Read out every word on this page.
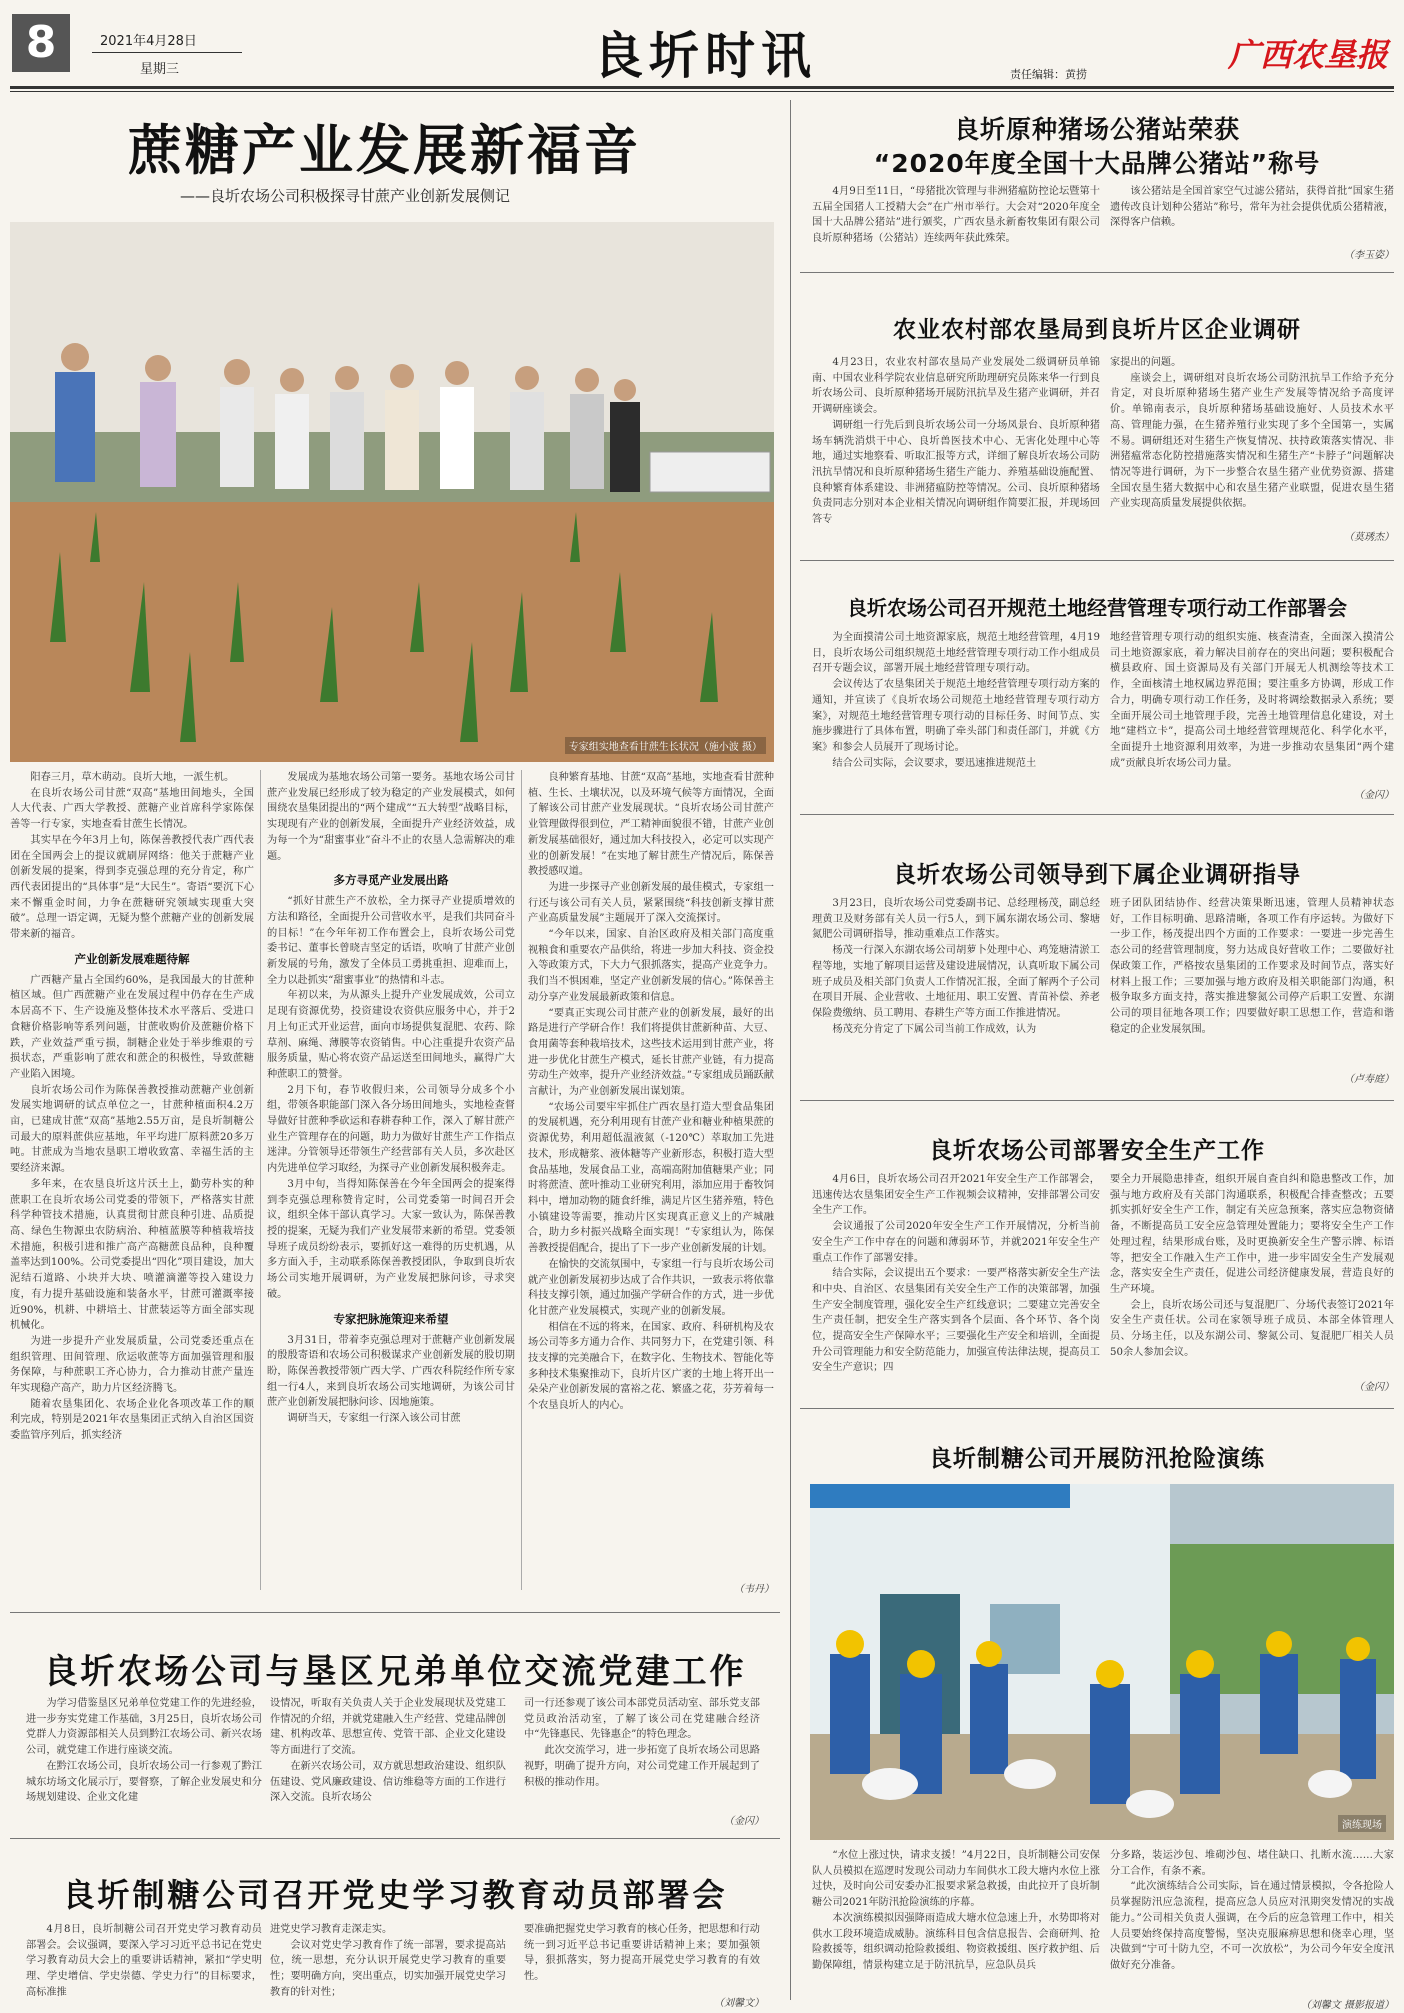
8	2021年4月28日
星期三	良圻时讯	责任编辑：黄捞
广西农垦报
蔗糖产业发展新福音
——良圻农场公司积极探寻甘蔗产业创新发展侧记
专家组实地查看甘蔗生长状况（施小波 摄）

阳春三月，草木萌动。良圻大地，一派生机。

在良圻农场公司甘蔗“双高”基地田间地头，全国人大代表、广西大学教授、蔗糖产业首席科学家陈保善等一行专家，实地查看甘蔗生长情况。

其实早在今年3月上旬，陈保善教授代表广西代表团在全国两会上的提议就刷屏网络：他关于蔗糖产业创新发展的提案，得到李克强总理的充分肯定，称广西代表团提出的“具体事”是“大民生”。寄语“要沉下心来不懈重金时间，力争在蔗糖研究领域实现重大突破”。总理一语定调，无疑为整个蔗糖产业的创新发展带来新的福音。

产业创新发展难题待解

广西糖产量占全国约60%，是我国最大的甘蔗种植区域。但广西蔗糖产业在发展过程中仍存在生产成本居高不下、生产设施及整体技术水平落后、受进口食糖价格影响等系列问题，甘蔗收购价及蔗糖价格下跌，产业效益严重亏损，制糖企业处于举步维艰的亏损状态，严重影响了蔗农和蔗企的积极性，导致蔗糖产业陷入困境。

良圻农场公司作为陈保善教授推动蔗糖产业创新发展实地调研的试点单位之一，甘蔗种植面积4.2万亩，已建成甘蔗“双高”基地2.55万亩，是良圻制糖公司最大的原料蔗供应基地，年平均进厂原料蔗20多万吨。甘蔗成为当地农垦职工增收致富、幸福生活的主要经济来源。

多年来，在农垦良圻这片沃土上，勤劳朴实的种蔗职工在良圻农场公司党委的带领下，严格落实甘蔗科学种管技术措施，认真贯彻甘蔗良种引进、品质提高、绿色生物源虫农防病治、种植蓝膜等种植栽培技术措施，积极引进和推广高产高糖蔗良品种，良种覆盖率达到100%。公司党委提出“四化”项目建设，加大泥结石道路、小块并大块、喷灌滴灌等投入建设力度，有力提升基础设施和装备水平，甘蔗可灌溉率接近90%，机耕、中耕培土、甘蔗装运等方面全部实现机械化。

为进一步提升产业发展质量，公司党委还重点在组织管理、田间管理、欣运收蔗等方面加强管理和服务保障，与种蔗职工齐心协力，合力推动甘蔗产量连年实现稳产高产，助力片区经济腾飞。

随着农垦集团化、农场企业化各项改革工作的顺利完成，特别是2021年农垦集团正式纳入自治区国资委监管序列后，抓实经济

发展成为基地农场公司第一要务。基地农场公司甘蔗产业发展已经形成了较为稳定的产业发展模式，如何围绕农垦集团提出的“两个建成”“五大转型”战略目标，实现现有产业的创新发展，全面提升产业经济效益，成为每一个为“甜蜜事业”奋斗不止的农垦人急需解决的难题。

多方寻觅产业发展出路

“抓好甘蔗生产不放松，全力探寻产业提质增效的方法和路径，全面提升公司营收水平，是我们共同奋斗的目标！”在今年年初工作布置会上，良圻农场公司党委书记、董事长曾晓吉坚定的话语，吹响了甘蔗产业创新发展的号角，激发了全体员工勇挑重担、迎难而上，全力以赴抓实“甜蜜事业”的热情和斗志。

年初以来，为从源头上提升产业发展成效，公司立足现有资源优势，投资建设农资供应服务中心，并于2月上旬正式开业运营，面向市场提供复混肥、农药、除草剂、麻绳、薄膜等农资销售。中心注重提升农资产品服务质量，贴心将农资产品运送至田间地头，赢得广大种蔗职工的赞誉。

2月下旬，春节收假归来，公司领导分成多个小组，带领各职能部门深入各分场田间地头，实地检查督导做好甘蔗种季砍运和春耕春种工作，深入了解甘蔗产业生产管理存在的问题，助力为做好甘蔗生产工作指点迷津。分管领导还带领生产经营部有关人员，多次赴区内先进单位学习取经，为探寻产业创新发展积极奔走。

3月中旬，当得知陈保善在今年全国两会的提案得到李克强总理称赞肯定时，公司党委第一时间召开会议，组织全体干部认真学习。大家一致认为，陈保善教授的提案，无疑为我们产业发展带来新的希望。党委领导班子成员纷纷表示，要抓好这一难得的历史机遇，从多方面入手，主动联系陈保善教授团队，争取到良圻农场公司实地开展调研，为产业发展把脉问诊，寻求突破。

专家把脉施策迎来希望

3月31日，带着李克强总理对于蔗糖产业创新发展的殷殷寄语和农场公司积极谋求产业创新发展的股切期盼，陈保善教授带领广西大学、广西农科院经作所专家组一行4人，来到良圻农场公司实地调研，为该公司甘蔗产业创新发展把脉问诊、因地施策。

调研当天，专家组一行深入该公司甘蔗

良种繁育基地、甘蔗“双高”基地，实地查看甘蔗种植、生长、土壤状况，以及环境气候等方面情况，全面了解该公司甘蔗产业发展现状。“良圻农场公司甘蔗产业管理做得很到位，严工精神面貌很不错，甘蔗产业创新发展基础很好，通过加大科技投入，必定可以实现产业的创新发展！”在实地了解甘蔗生产情况后，陈保善教授感叹道。

为进一步探寻产业创新发展的最佳模式，专家组一行还与该公司有关人员，紧紧围绕“科技创新支撑甘蔗产业高质量发展”主题展开了深入交流探讨。

“今年以来，国家、自治区政府及相关部门高度重视粮食和重要农产品供给，将进一步加大科技、资金投入等政策方式，下大力气狠抓落实，提高产业竞争力。我们当不惧困难，坚定产业创新发展的信心。”陈保善主动分享产业发展最新政策和信息。

“要真正实现公司甘蔗产业的创新发展，最好的出路是进行产学研合作！我们将提供甘蔗新种苗、大豆、食用菌等套种栽培技术，这些技术运用到甘蔗产业，将进一步优化甘蔗生产模式，延长甘蔗产业链，有力提高劳动生产效率，提升产业经济效益。”专家组成员踊跃献言献计，为产业创新发展出谋划策。

“农场公司要牢牢抓住广西农垦打造大型食品集团的发展机遇，充分利用现有甘蔗产业和糖业种植果蔗的资源优势，利用超低温液氮（-120℃）萃取加工先进技术，形成糖浆、液体糖等产业新形态，积极打造大型食品基地，发展食品工业，高端高附加值糖果产业；同时将蔗渣、蔗叶推动工业研究利用，添加应用于畜牧饲料中，增加动物的随食纤维，满足片区生猪养殖，特色小镇建设等需要，推动片区实现真正意义上的产城融合，助力乡村振兴战略全面实现！”专家组认为，陈保善教授提倡配合，提出了下一步产业创新发展的计划。

在愉快的交流氛围中，专家组一行与良圻农场公司就产业创新发展初步达成了合作共识，一致表示将依靠科技支撑引领，通过加强产学研合作的方式，进一步优化甘蔗产业发展模式，实现产业的创新发展。

相信在不远的将来，在国家、政府、科研机构及农场公司等多方通力合作、共同努力下，在党建引领、科技支撑的完美融合下，在数字化、生物技术、智能化等多种技术集聚推动下，良圻片区广袤的土地上将开出一朵朵产业创新发展的富裕之花、繁盛之花，芬芳着每一个农垦良圻人的内心。

（韦丹）
良圻原种猪场公猪站荣获
“2020年度全国十大品牌公猪站”称号

4月9日至11日，“母猪批次管理与非洲猪瘟防控论坛暨第十五届全国猪人工授精大会”在广州市举行。大会对“2020年度全国十大品牌公猪站”进行颁奖，广西农垦永新畜牧集团有限公司良圻原种猪场（公猪站）连续两年获此殊荣。

该公猪站是全国首家空气过滤公猪站，获得首批“国家生猪遗传改良计划种公猪站”称号，常年为社会提供优质公猪精液，深得客户信赖。

（李玉姿）
农业农村部农垦局到良圻片区企业调研

4月23日，农业农村部农垦局产业发展处二级调研员单锦南、中国农业科学院农业信息研究所助理研究员陈来华一行到良圻农场公司、良圻原种猪场开展防汛抗旱及生猪产业调研，并召开调研座谈会。

调研组一行先后到良圻农场公司一分场凤景台、良圻原种猪场车辆洗消烘干中心、良圻兽医技术中心、无害化处理中心等地，通过实地察看、听取汇报等方式，详细了解良圻农场公司防汛抗旱情况和良圻原种猪场生猪生产能力、养殖基础设施配置、良种繁育体系建设、非洲猪瘟防控等情况。公司、良圻原种猪场负责同志分别对本企业相关情况向调研组作简要汇报，并现场回答专

家提出的问题。

座谈会上，调研组对良圻农场公司防汛抗旱工作给予充分肯定，对良圻原种猪场生猪产业生产发展等情况给予高度评价。单锦南表示，良圻原种猪场基础设施好、人员技术水平高、管理能力强，在生猪养殖行业实现了多个全国第一，实属不易。调研组还对生猪生产恢复情况、扶持政策落实情况、非洲猪瘟常态化防控措施落实情况和生猪生产“卡脖子”问题解决情况等进行调研，为下一步整合农垦生猪产业优势资源、搭建全国农垦生猪大数据中心和农垦生猪产业联盟，促进农垦生猪产业实现高质量发展提供依据。

（莫琇杰）
良圻农场公司召开规范土地经营管理专项行动工作部署会

为全面摸清公司土地资源家底，规范土地经营管理，4月19日，良圻农场公司组织规范土地经营管理专项行动工作小组成员召开专题会议，部署开展土地经营管理专项行动。

会议传达了农垦集团关于规范土地经营管理专项行动方案的通知，并宣读了《良圻农场公司规范土地经营管理专项行动方案》，对规范土地经营管理专项行动的目标任务、时间节点、实施步骤进行了具体布置，明确了牵头部门和责任部门，并就《方案》和参会人员展开了现场讨论。

结合公司实际，会议要求，要迅速推进规范土

地经营管理专项行动的组织实施、核查清查，全面深入摸清公司土地资源家底，着力解决目前存在的突出问题；要积极配合横县政府、国土资源局及有关部门开展无人机测绘等技术工作，全面核清土地权属边界范围；要注重多方协调，形成工作合力，明确专项行动工作任务，及时将调绘数据录入系统；要全面开展公司土地管理手段，完善土地管理信息化建设，对土地“建档立卡”，提高公司土地经营管理规范化、科学化水平，全面提升土地资源利用效率，为进一步推动农垦集团“两个建成”贡献良圻农场公司力量。

（金闪）
良圻农场公司领导到下属企业调研指导

3月23日，良圻农场公司党委副书记、总经理杨茂，副总经理黄卫及财务部有关人员一行5人，到下属东湖农场公司、黎塘氮肥公司调研指导，推动重难点工作落实。

杨茂一行深入东湖农场公司胡萝卜处理中心、鸡笼塘清淤工程等地，实地了解项目运营及建设进展情况，认真听取下属公司班子成员及相关部门负责人工作情况汇报，全面了解两个子公司在项目开展、企业营收、土地征用、职工安置、青苗补偿、养老保险费缴纳、员工聘用、春耕生产等方面工作推进情况。

杨茂充分肯定了下属公司当前工作成效，认为

班子团队团结协作、经营决策果断迅速，管理人员精神状态好，工作目标明确、思路清晰，各项工作有序运转。为做好下一步工作，杨茂提出四个方面的工作要求：一要进一步完善生态公司的经营管理制度，努力达成良好营收工作；二要做好社保政策工作，严格按农垦集团的工作要求及时间节点，落实好材料上报工作；三要加强与地方政府及相关职能部门沟通，积极争取多方面支持，落实推进黎氮公司停产后职工安置、东湖公司的项目征地各项工作；四要做好职工思想工作，营造和谐稳定的企业发展氛围。

（卢寿庭）
良圻农场公司部署安全生产工作

4月6日，良圻农场公司召开2021年安全生产工作部署会，迅速传达农垦集团安全生产工作视频会议精神，安排部署公司安全生产工作。

会议通报了公司2020年安全生产工作开展情况，分析当前安全生产工作中存在的问题和薄弱环节，并就2021年安全生产重点工作作了部署安排。

结合实际，会议提出五个要求：一要严格落实新安全生产法和中央、自治区、农垦集团有关安全生产工作的决策部署，加强生产安全制度管理，强化安全生产红线意识；二要建立完善安全生产责任制，把安全生产落实到各个层面、各个环节、各个岗位，提高安全生产保障水平；三要强化生产安全和培训，全面提升公司管理能力和安全防范能力，加强宣传法律法规，提高员工安全生产意识；四

要全力开展隐患排查，组织开展自查自纠和隐患整改工作，加强与地方政府及有关部门沟通联系，积极配合排查整改；五要抓实抓好安全生产工作，制定有关应急预案，落实应急物资储备，不断提高员工安全应急管理处置能力；要将安全生产工作处理过程，结果形成台账，及时更换新安全生产警示牌、标语等，把安全工作融入生产工作中，进一步牢固安全生产发展观念，落实安全生产责任，促进公司经济健康发展，营造良好的生产环境。

会上，良圻农场公司还与复混肥厂、分场代表签订2021年安全生产责任状。公司在家领导班子成员、本部全体管理人员、分场主任，以及东湖公司、黎氮公司、复混肥厂相关人员50余人参加会议。

（金闪）
良圻制糖公司开展防汛抢险演练
演练现场

“水位上涨过快，请求支援！”4月22日，良圻制糖公司安保队人员模拟在巡逻时发现公司动力车间供水工段大塘内水位上涨过快，及时向公司安委办汇报要求紧急救援，由此拉开了良圻制糖公司2021年防汛抢险演练的序幕。

本次演练模拟因强降雨造成大塘水位急速上升，水势即将对供水工段环境造成威胁。演练科目包含信息报告、会商研判、抢险救援等，组织调动抢险救援组、物资救援组、医疗救护组、后勤保障组，情景构建立足于防汛抗旱，应急队员兵

分多路，装运沙包、堆砌沙包、堵住缺口、扎断水流……大家分工合作，有条不紊。

“此次演练结合公司实际，旨在通过情景模拟，令各抢险人员掌握防汛应急流程，提高应急人员应对汛期突发情况的实战能力。”公司相关负责人强调，在今后的应急管理工作中，相关人员要始终保持高度警惕，坚决克服麻痹思想和侥幸心理，坚决做到“宁可十防九空，不可一次放松”，为公司今年安全度汛做好充分准备。

（刘馨文 摄影报道）
良圻农场公司与垦区兄弟单位交流党建工作

为学习借鉴垦区兄弟单位党建工作的先进经验，进一步夯实党建工作基础，3月25日，良圻农场公司党群人力资源部相关人员到黔江农场公司、新兴农场公司，就党建工作进行座谈交流。

在黔江农场公司，良圻农场公司一行参观了黔江城东坊场文化展示厅，要督察，了解企业发展史和分场规划建设、企业文化建

设情况，听取有关负责人关于企业发展现状及党建工作情况的介绍，并就党建融入生产经营、党建品牌创建、机构改革、思想宣传、党管干部、企业文化建设等方面进行了交流。

在新兴农场公司，双方就思想政治建设、组织队伍建设、党风廉政建设、信访维稳等方面的工作进行深入交流。良圻农场公

司一行还参观了该公司本部党员活动室、部乐党支部党员政治活动室，了解了该公司在党建融合经济中“先锋惠民、先锋惠企”的特色理念。

此次交流学习，进一步拓宽了良圻农场公司思路视野，明确了提升方向，对公司党建工作开展起到了积极的推动作用。

（金闪）
良圻制糖公司召开党史学习教育动员部署会

4月8日，良圻制糖公司召开党史学习教育动员部署会。会议强调，要深入学习习近平总书记在党史学习教育动员大会上的重要讲话精神，紧扣“学史明理、学史增信、学史崇德、学史力行”的目标要求，高标准推

进党史学习教育走深走实。

会议对党史学习教育作了统一部署，要求提高站位，统一思想，充分认识开展党史学习教育的重要性；要明确方向，突出重点，切实加强开展党史学习教育的针对性；

要准确把握党史学习教育的核心任务，把思想和行动统一到习近平总书记重要讲话精神上来；要加强领导，狠抓落实，努力提高开展党史学习教育的有效性。

（刘馨文）
